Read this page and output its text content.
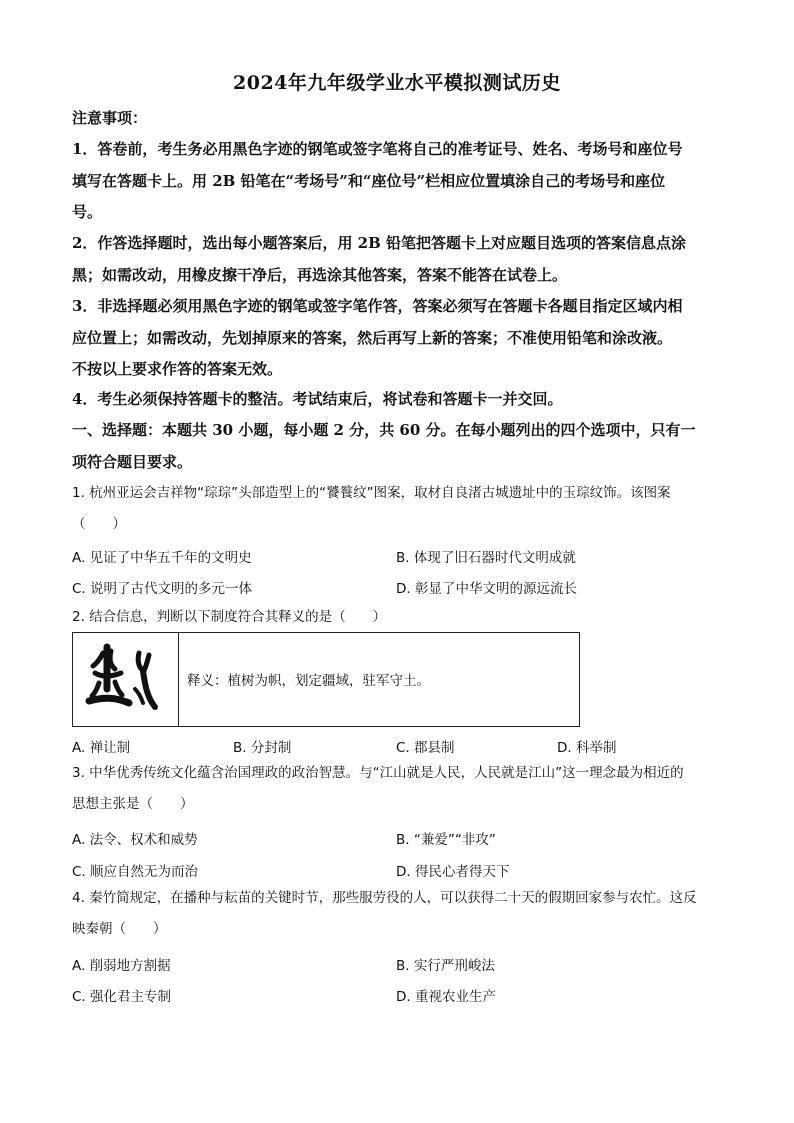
2024年九年级学业水平模拟测试历史
注意事项：
1．答卷前，考生务必用黑色字迹的钢笔或签字笔将自己的准考证号、姓名、考场号和座位号
填写在答题卡上。用 2B 铅笔在“考场号”和“座位号”栏相应位置填涂自己的考场号和座位
号。
2．作答选择题时，选出每小题答案后，用 2B 铅笔把答题卡上对应题目选项的答案信息点涂
黑；如需改动，用橡皮擦干净后，再选涂其他答案，答案不能答在试卷上。
3．非选择题必须用黑色字迹的钢笔或签字笔作答，答案必须写在答题卡各题目指定区域内相
应位置上；如需改动，先划掉原来的答案，然后再写上新的答案；不准使用铅笔和涂改液。
不按以上要求作答的答案无效。
4．考生必须保持答题卡的整洁。考试结束后，将试卷和答题卡一并交回。
一、选择题：本题共 30 小题，每小题 2 分，共 60 分。在每小题列出的四个选项中，只有一
项符合题目要求。
1. 杭州亚运会吉祥物“琮琮”头部造型上的“饕餮纹”图案，取材自良渚古城遗址中的玉琮纹饰。该图案
（　　）
A. 见证了中华五千年的文明史	B. 体现了旧石器时代文明成就
C. 说明了古代文明的多元一体	D. 彰显了中华文明的源远流长
2. 结合信息，判断以下制度符合其释义的是（　　）
释义：植树为帜，划定疆域，驻军守土。
A. 禅让制	B. 分封制	C. 郡县制	D. 科举制
3. 中华优秀传统文化蕴含治国理政的政治智慧。与“江山就是人民，人民就是江山”这一理念最为相近的
思想主张是（　　）
A. 法令、权术和威势	B. “兼爱”“非攻”
C. 顺应自然无为而治	D. 得民心者得天下
4. 秦竹简规定，在播种与耘苗的关键时节，那些服劳役的人，可以获得二十天的假期回家参与农忙。这反
映秦朝（　　）
A. 削弱地方割据	B. 实行严刑峻法
C. 强化君主专制	D. 重视农业生产
